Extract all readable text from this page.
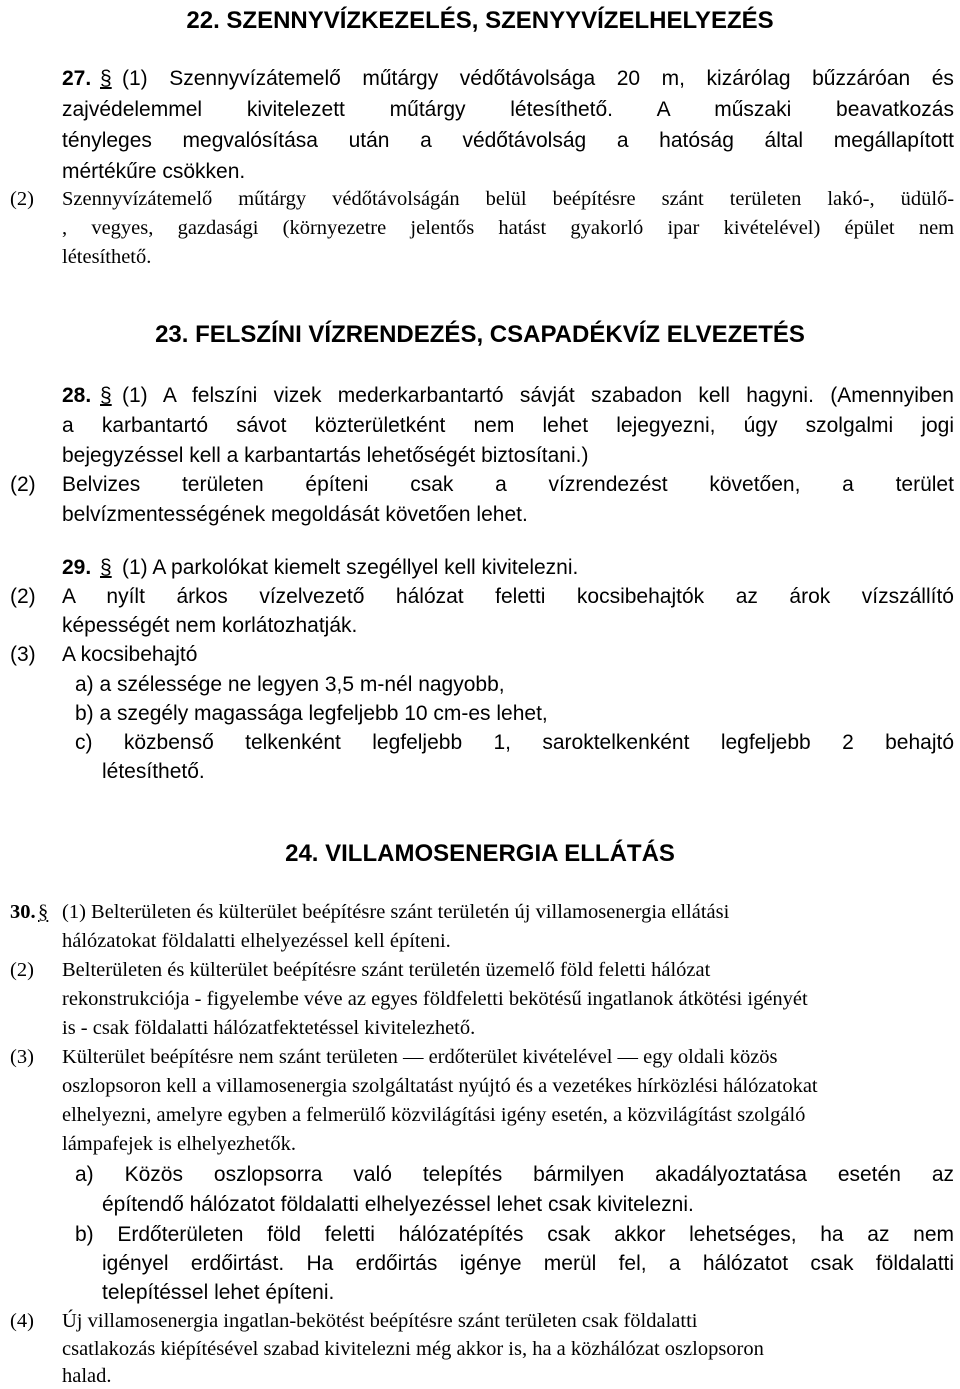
22. SZENNYVÍZKEZELÉS, SZENYYVÍZELHELYEZÉS
27. § (1) Szennyvízátemelő műtárgy védőtávolsága 20 m, kizárólag bűzzáróan és
zajvédelemmel kivitelezett műtárgy létesíthető. A műszaki beavatkozás
tényleges megvalósítása után a védőtávolság a hatóság által megállapított
mértékűre csökken.
(2) Szennyvízátemelő műtárgy védőtávolságán belül beépítésre szánt területen lakó-, üdülő-
, vegyes, gazdasági (környezetre jelentős hatást gyakorló ipar kivételével) épület nem
létesíthető.
23. FELSZÍNI VÍZRENDEZÉS, CSAPADÉKVÍZ ELVEZETÉS
28. § (1) A felszíni vizek mederkarbantartó sávját szabadon kell hagyni. (Amennyiben
a karbantartó sávot közterületként nem lehet lejegyezni, úgy szolgalmi jogi
bejegyzéssel kell a karbantartás lehetőségét biztosítani.)
(2) Belvizes területen építeni csak a vízrendezést követően, a terület
belvízmentességének megoldását követően lehet.
29. § (1) A parkolókat kiemelt szegéllyel kell kivitelezni.
(2) A nyílt árkos vízelvezető hálózat feletti kocsibehajtók az árok vízszállító
képességét nem korlátozhatják.
(3) A kocsibehajtó
a) a szélessége ne legyen 3,5 m-nél nagyobb,
b) a szegély magassága legfeljebb 10 cm-es lehet,
c) közbenső telkenként legfeljebb 1, saroktelkenként legfeljebb 2 behajtó
létesíthető.
24. VILLAMOSENERGIA ELLÁTÁS
30. § (1) Belterületen és külterület beépítésre szánt területén új villamosenergia ellátási
hálózatokat földalatti elhelyezéssel kell építeni.
(2) Belterületen és külterület beépítésre szánt területén üzemelő föld feletti hálózat
rekonstrukciója - figyelembe véve az egyes földfeletti bekötésű ingatlanok átkötési igényét
is - csak földalatti hálózatfektetéssel kivitelezhető.
(3) Külterület beépítésre nem szánt területen — erdőterület kivételével — egy oldali közös
oszlopsoron kell a villamosenergia szolgáltatást nyújtó és a vezetékes hírközlési hálózatokat
elhelyezni, amelyre egyben a felmerülő közvilágítási igény esetén, a közvilágítást szolgáló
lámpafejek is elhelyezhetők.
a) Közös oszlopsorra való telepítés bármilyen akadályoztatása esetén az
építendő hálózatot földalatti elhelyezéssel lehet csak kivitelezni.
b) Erdőterületen föld feletti hálózatépítés csak akkor lehetséges, ha az nem
igényel erdőirtást. Ha erdőirtás igénye merül fel, a hálózatot csak földalatti
telepítéssel lehet építeni.
(4) Új villamosenergia ingatlan-bekötést beépítésre szánt területen csak földalatti
csatlakozás kiépítésével szabad kivitelezni még akkor is, ha a közhálózat oszlopsoron
halad.
